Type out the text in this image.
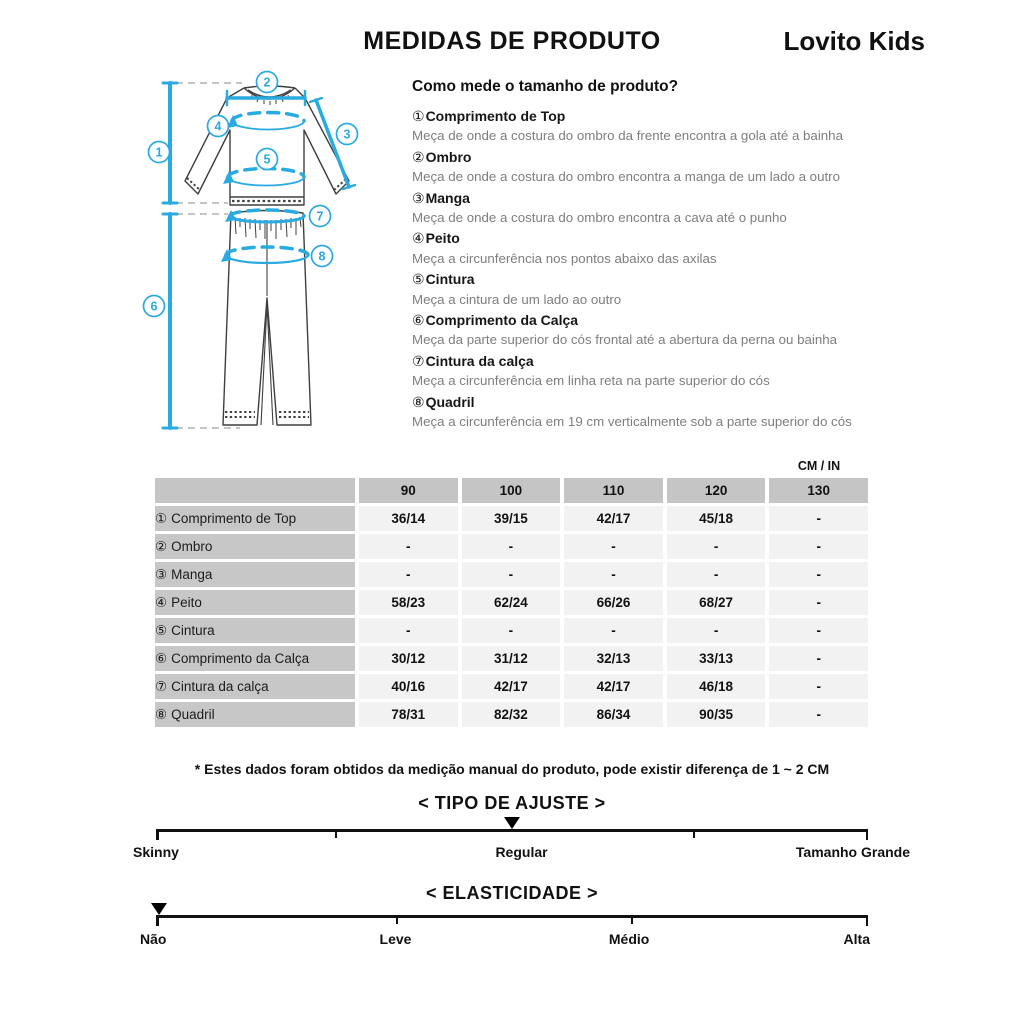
MEDIDAS DE PRODUTO	Lovito Kids
1
2
3
4
5
6
7
8
Como mede o tamanho de produto?
①Comprimento de Top
Meça de onde a costura do ombro da frente encontra a gola até a bainha
②Ombro
Meça de onde a costura do ombro encontra a manga de um lado a outro
③Manga
Meça de onde a costura do ombro encontra a cava até o punho
④Peito
Meça a circunferência nos pontos abaixo das axilas
⑤Cintura
Meça a cintura de um lado ao outro
⑥Comprimento da Calça
Meça da parte superior do cós frontal até a abertura da perna ou bainha
⑦Cintura da calça
Meça a circunferência em linha reta na parte superior do cós
⑧Quadril
Meça a circunferência em 19 cm verticalmente sob a parte superior do cós
CM / IN
	90	100	110	120	130
① Comprimento de Top	36/14	39/15	42/17	45/18	-
② Ombro	-	-	-	-	-
③ Manga	-	-	-	-	-
④ Peito	58/23	62/24	66/26	68/27	-
⑤ Cintura	-	-	-	-	-
⑥ Comprimento da Calça	30/12	31/12	32/13	33/13	-
⑦ Cintura da calça	40/16	42/17	42/17	46/18	-
⑧ Quadril	78/31	82/32	86/34	90/35	-
* Estes dados foram obtidos da medição manual do produto, pode existir diferença de 1 ~ 2 CM
< TIPO DE AJUSTE >
Skinny	Regular	Tamanho Grande
< ELASTICIDADE >
Não	Leve	Médio	Alta
